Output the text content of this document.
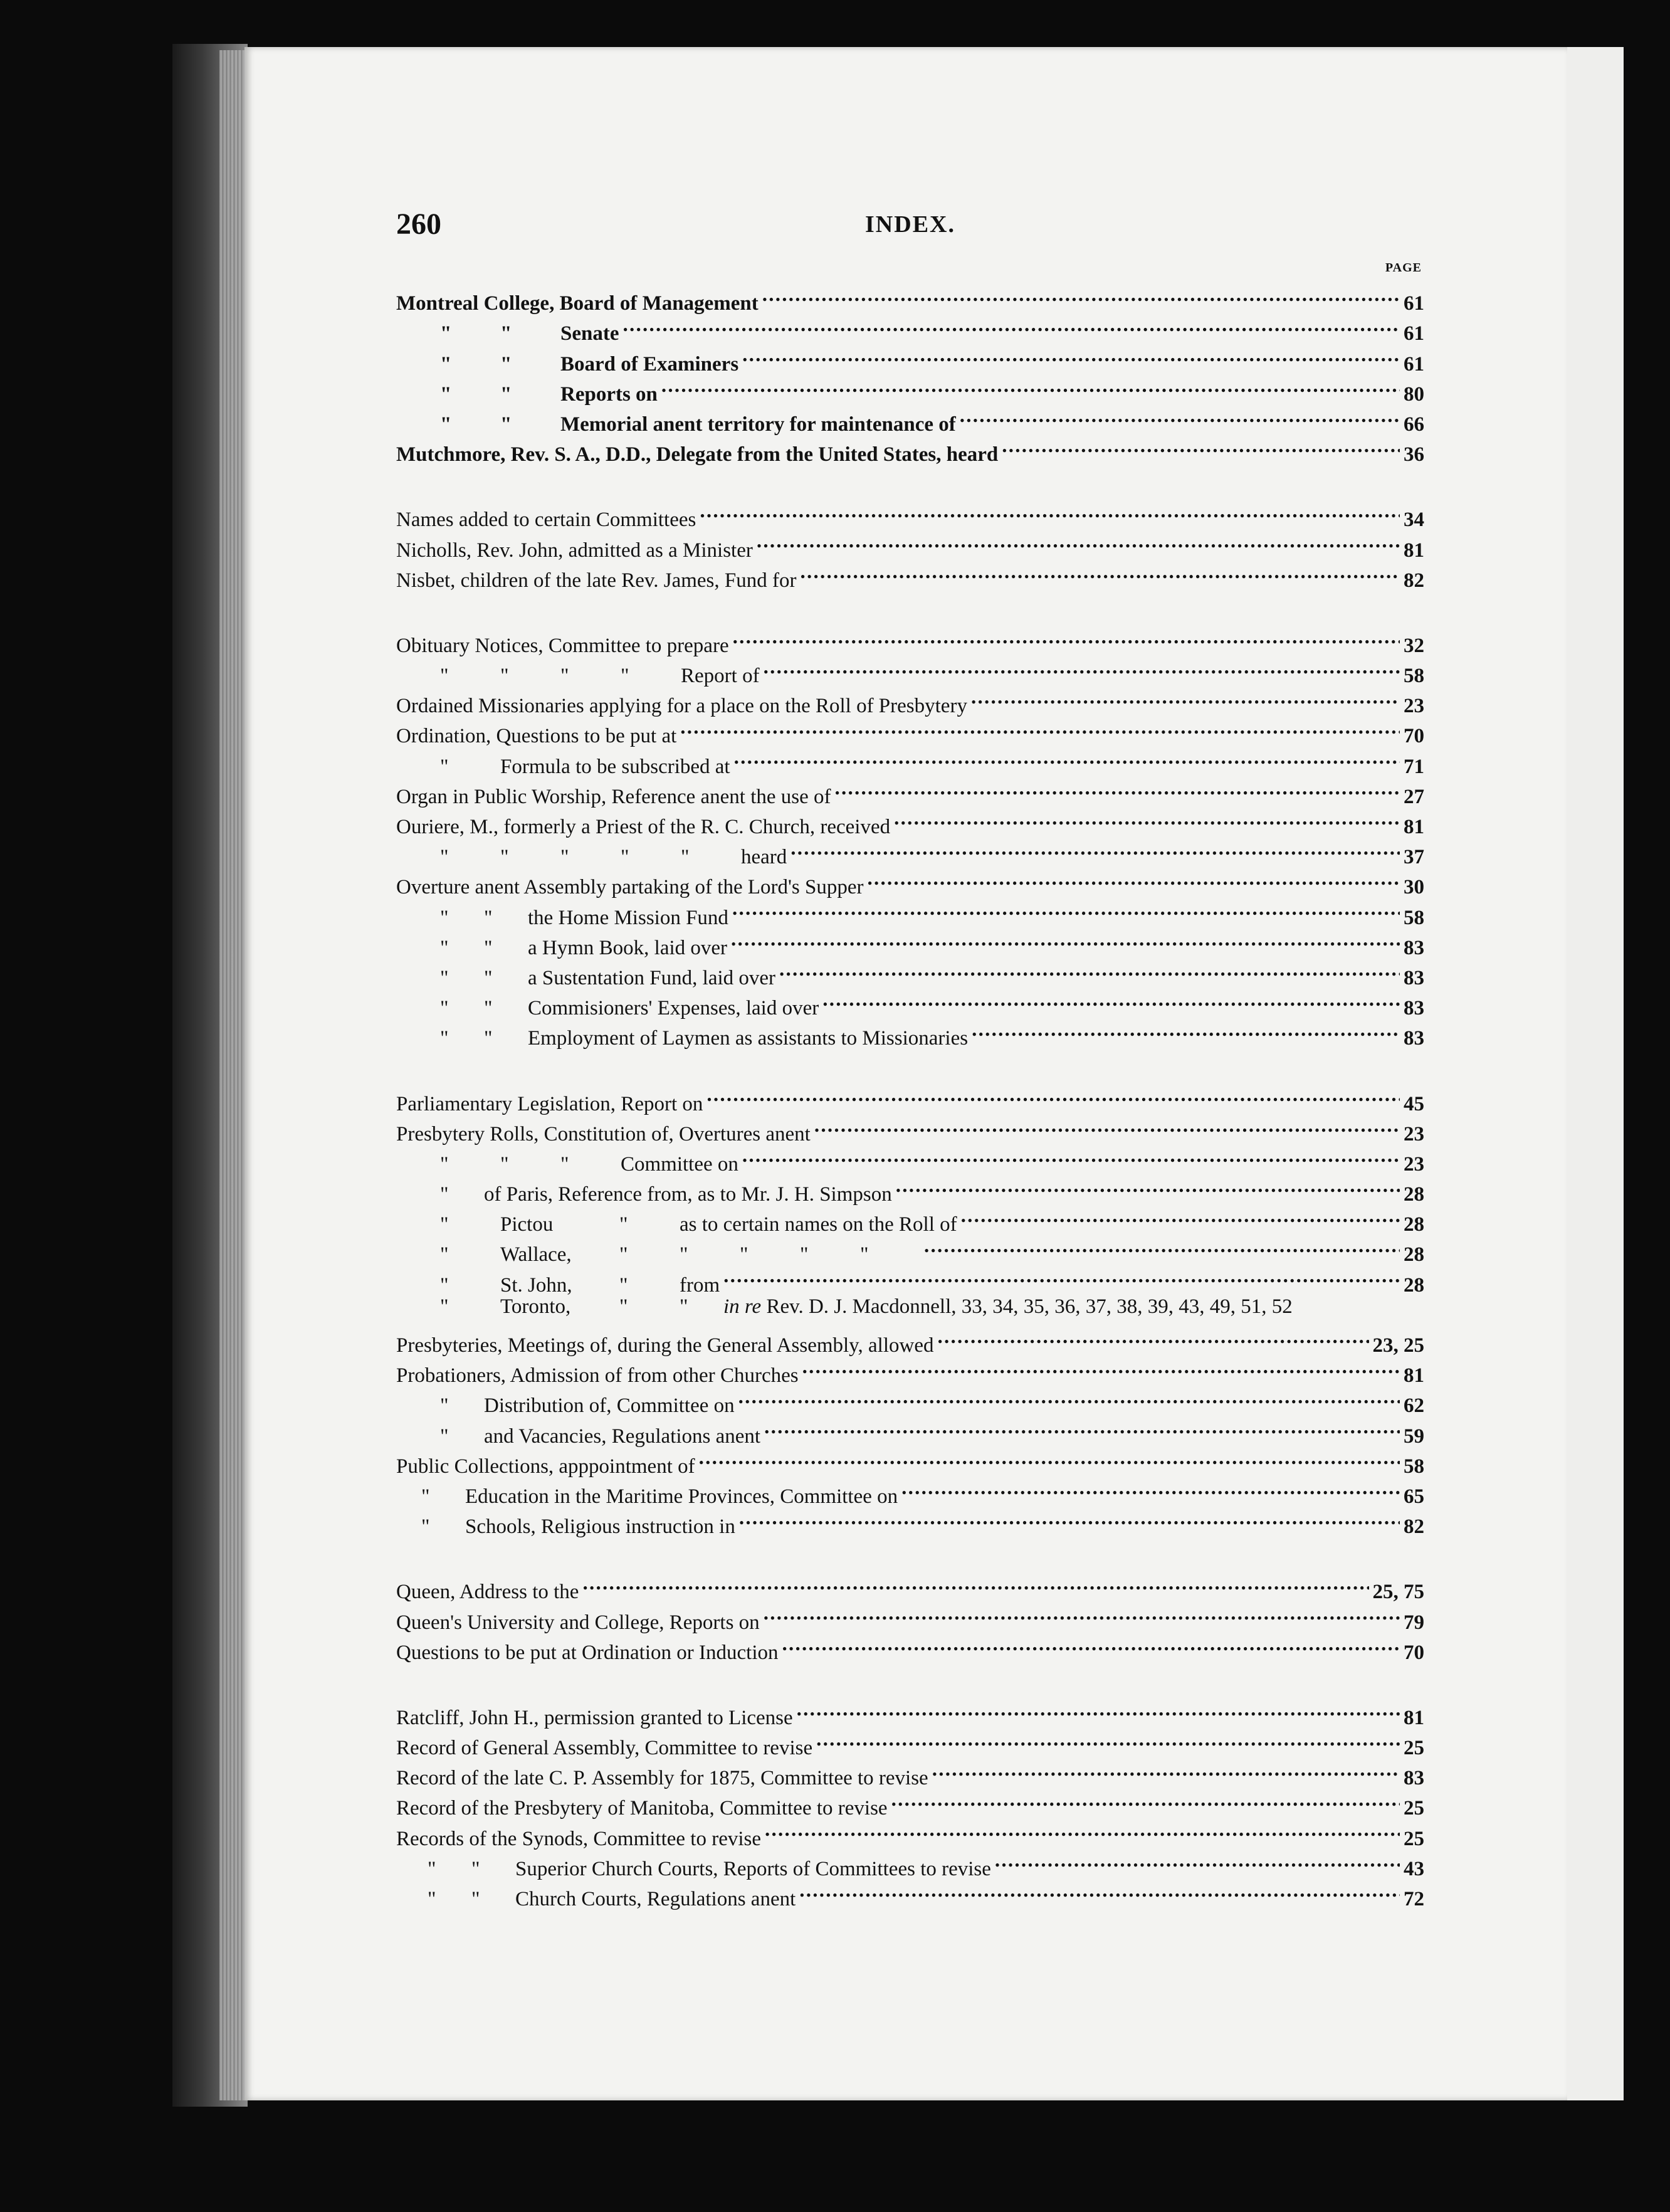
260	INDEX.
PAGE
Montreal College, Board of Management . . .	61
" " Senate . . .	61
" " Board of Examiners . . .	61
" " Reports on . . .	80
" " Memorial anent territory for maintenance of . . .	66
Mutchmore, Rev. S. A., D.D., Delegate from the United States, heard . . .	36
Names added to certain Committees . . .	34
Nicholls, Rev. John, admitted as a Minister . . .	81
Nisbet, children of the late Rev. James, Fund for . . .	82
Obituary Notices, Committee to prepare . . .	32
"	"	"	"	Report of . . .	58
Ordained Missionaries applying for a place on the Roll of Presbytery . . .	23
Ordination, Questions to be put at . . .	70
"	Formula to be subscribed at . . .	71
Organ in Public Worship, Reference anent the use of . . .	27
Ouriere, M., formerly a Priest of the R. C. Church, received . . .	81
"	"	"	"	"	heard . . .	37
Overture anent Assembly partaking of the Lord's Supper . . .	30
" " the Home Mission Fund . . .	58
" " a Hymn Book, laid over . . .	83
" " a Sustentation Fund, laid over . . .	83
" " Commisioners' Expenses, laid over . . .	83
" " Employment of Laymen as assistants to Missionaries . . .	83
Parliamentary Legislation, Report on . . .	45
Presbytery Rolls, Constitution of, Overtures anent . . .	23
"	"	"	Committee on . . .	23
" of Paris, Reference from, as to Mr. J. H. Simpson . . .	28
"	Pictou	"	as to certain names on the Roll of . . .	28
"	Wallace, "	"	"	"	" . . .	28
"	St. John, "	from . . .	28
"	Toronto, "	" in re Rev. D. J. Macdonnell, 33, 34, 35, 36, 37, 38, 39, 43, 49, 51, 52
Presbyteries, Meetings of, during the General Assembly, allowed . . .	23, 25
Probationers, Admission of from other Churches . . .	81
" Distribution of, Committee on . . .	62
" and Vacancies, Regulations anent . . .	59
Public Collections, apppointment of . . .	58
" Education in the Maritime Provinces, Committee on . . .	65
" Schools, Religious instruction in . . .	82
Queen, Address to the . . .	25, 75
Queen's University and College, Reports on . . .	79
Questions to be put at Ordination or Induction . . .	70
Ratcliff, John H., permission granted to License . . .	81
Record of General Assembly, Committee to revise . . .	25
Record of the late C. P. Assembly for 1875, Committee to revise . . .	83
Record of the Presbytery of Manitoba, Committee to revise . . .	25
Records of the Synods, Committee to revise . . .	25
" " Superior Church Courts, Reports of Committees to revise . . .	43
" " Church Courts, Regulations anent . . .	72
